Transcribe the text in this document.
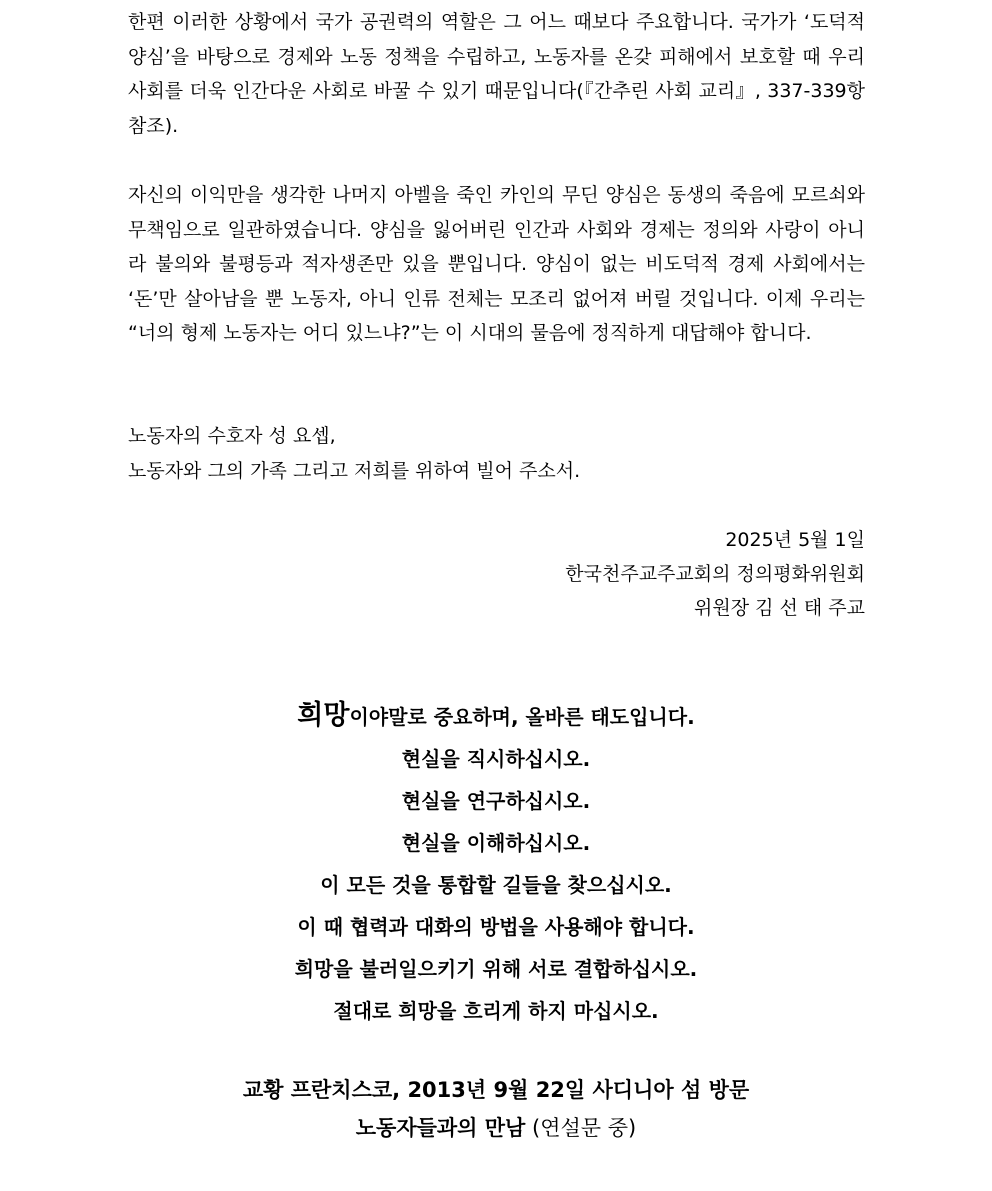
한편 이러한 상황에서 국가 공권력의 역할은 그 어느 때보다 주요합니다. 국가가 ‘도덕적 양심’을 바탕으로 경제와 노동 정책을 수립하고, 노동자를 온갖 피해에서 보호할 때 우리 사회를 더욱 인간다운 사회로 바꿀 수 있기 때문입니다(『간추린 사회 교리』, 337-339항 참조).

자신의 이익만을 생각한 나머지 아벨을 죽인 카인의 무딘 양심은 동생의 죽음에 모르쇠와 무책임으로 일관하였습니다. 양심을 잃어버린 인간과 사회와 경제는 정의와 사랑이 아니라 불의와 불평등과 적자생존만 있을 뿐입니다. 양심이 없는 비도덕적 경제 사회에서는 ‘돈’만 살아남을 뿐 노동자, 아니 인류 전체는 모조리 없어져 버릴 것입니다. 이제 우리는 “너의 형제 노동자는 어디 있느냐?”는 이 시대의 물음에 정직하게 대답해야 합니다.

노동자의 수호자 성 요셉,

노동자와 그의 가족 그리고 저희를 위하여 빌어 주소서.

2025년 5월 1일
한국천주교주교회의 정의평화위원회
위원장 김 선 태 주교
희망이야말로 중요하며, 올바른 태도입니다.
현실을 직시하십시오.
현실을 연구하십시오.
현실을 이해하십시오.
이 모든 것을 통합할 길들을 찾으십시오.
이 때 협력과 대화의 방법을 사용해야 합니다.
희망을 불러일으키기 위해 서로 결합하십시오.
절대로 희망을 흐리게 하지 마십시오.
교황 프란치스코, 2013년 9월 22일 사디니아 섬 방문
노동자들과의 만남 (연설문 중)
